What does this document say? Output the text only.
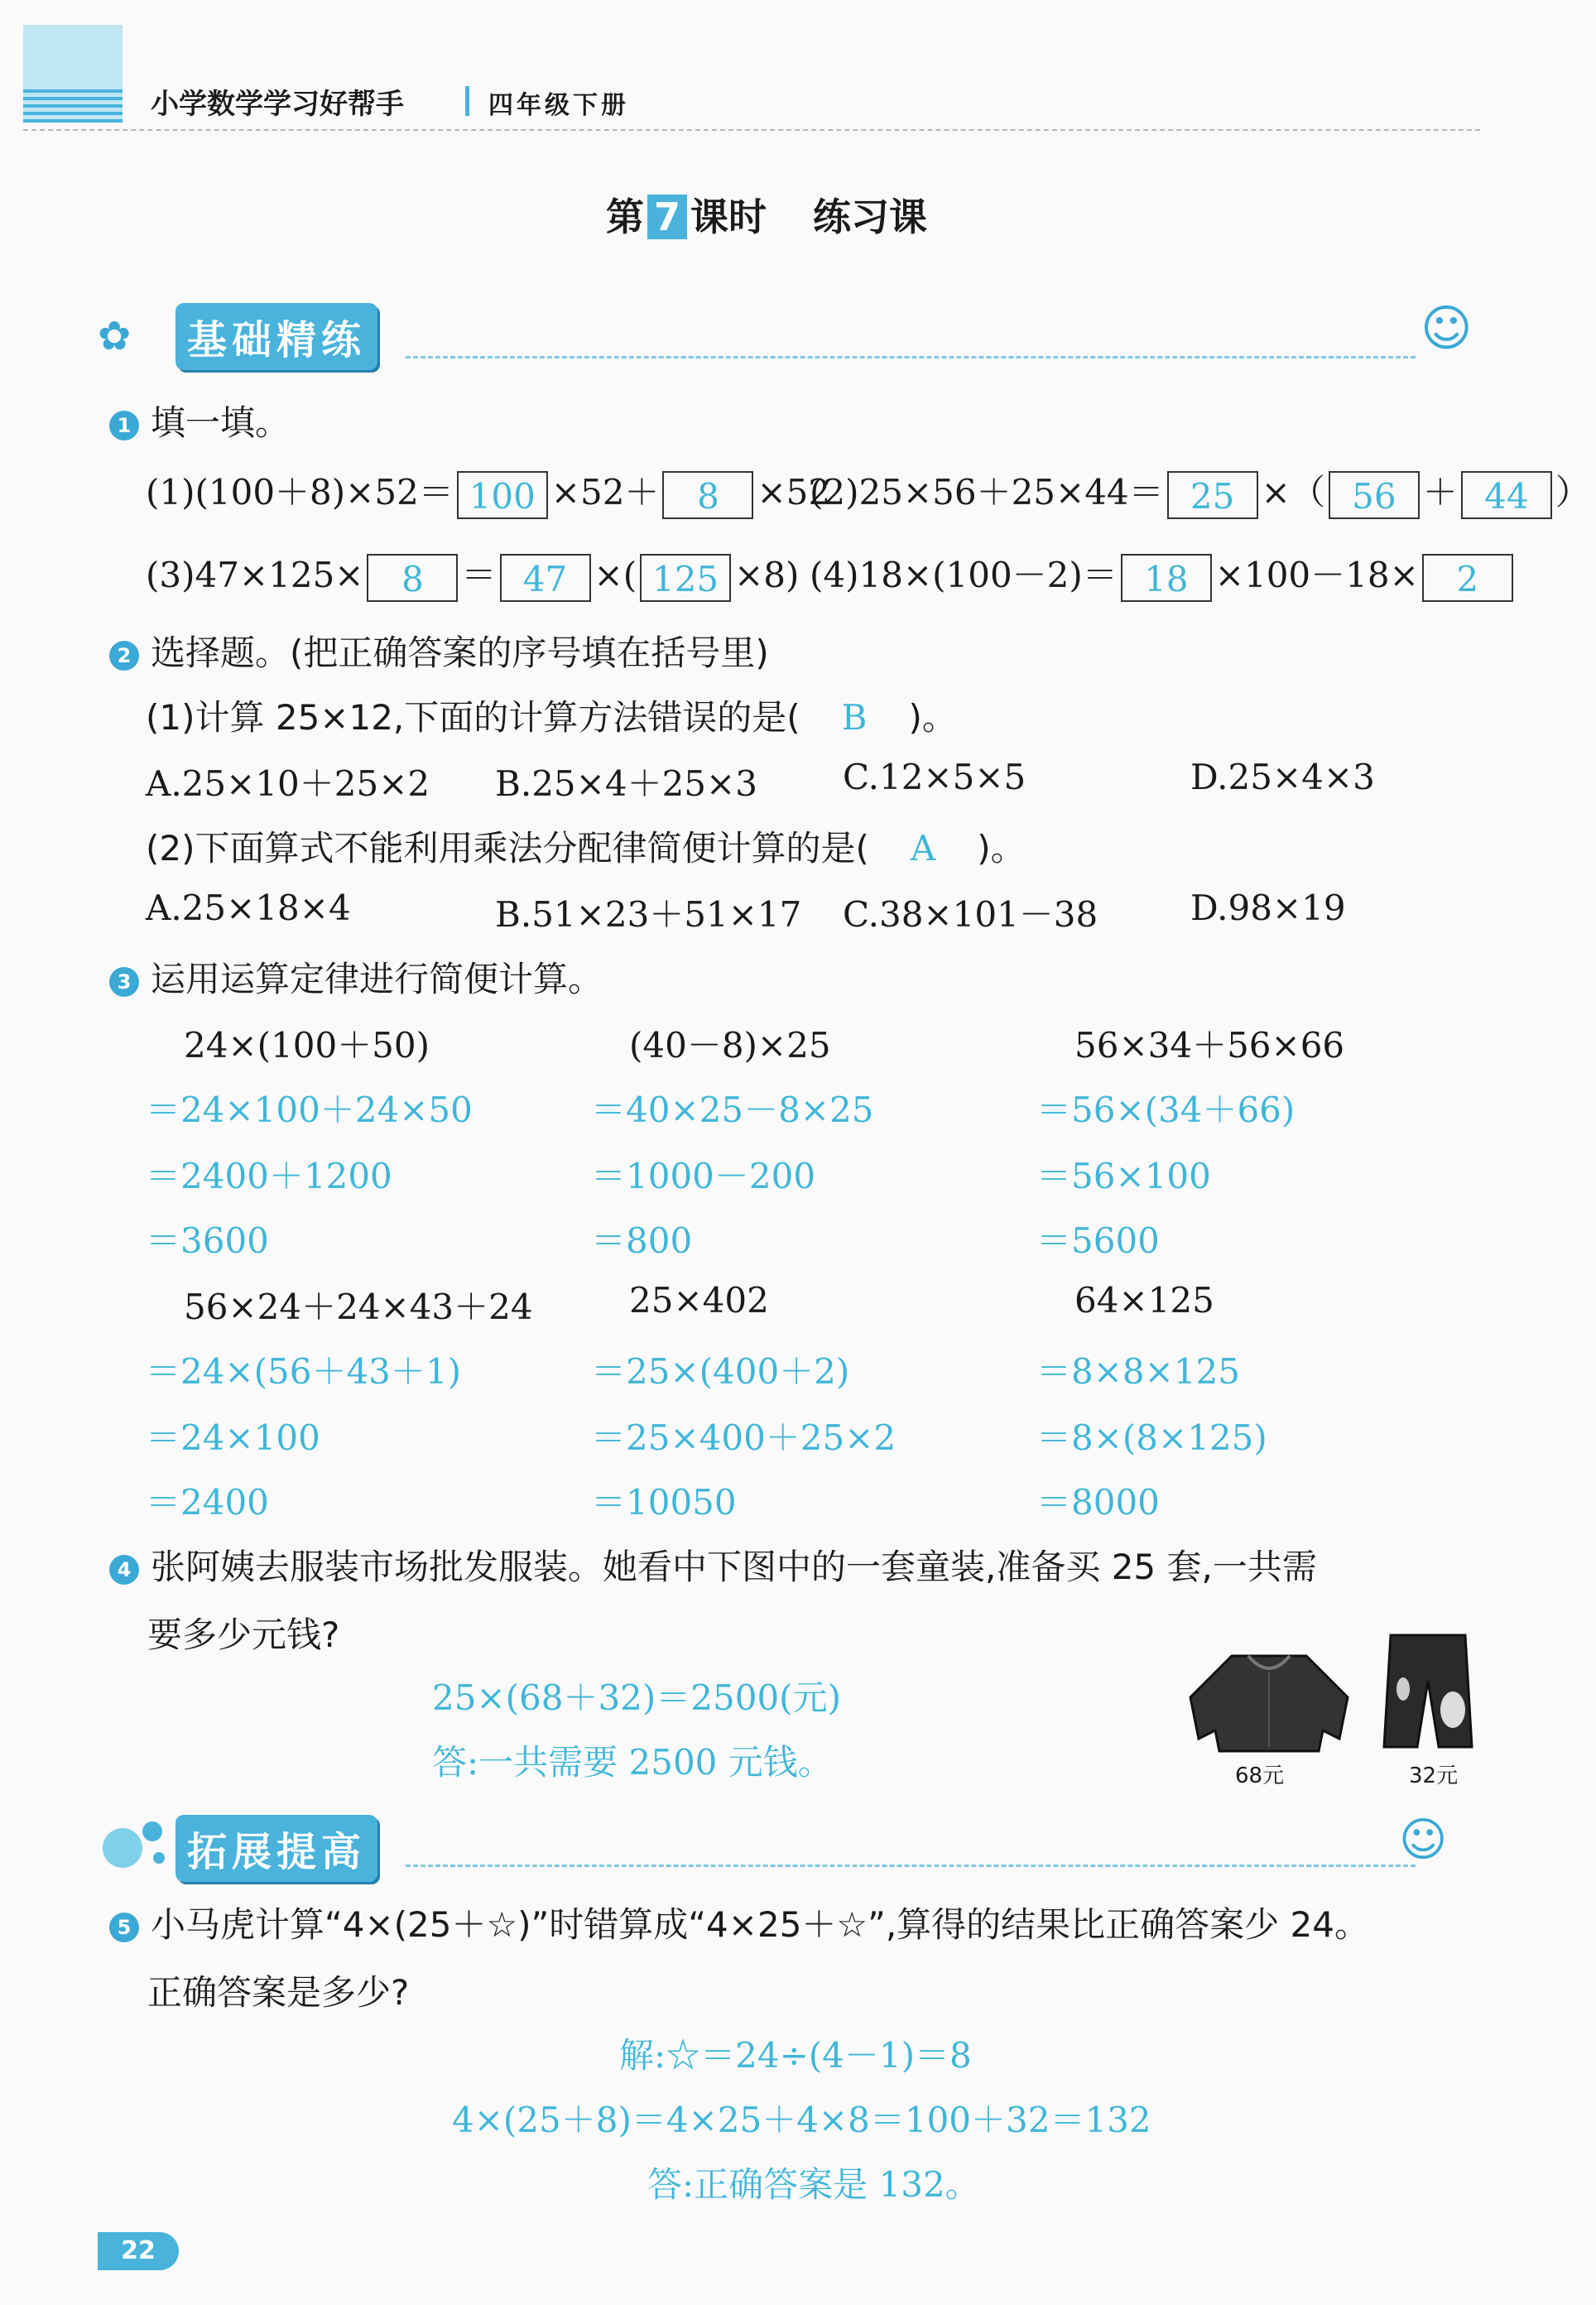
小学数学学习好帮手	四年级下册
第 7 课时 练习课
✿ 基础精练	☺
1 填一填。
(1)(100＋8)×52＝ 100 ×52＋ 8 ×52
(2)25×56＋25×44＝ 25 ×（ 56 ＋ 44 ）
(3)47×125× 8 ＝ 47 ×( 125 ×8) (4)18×(100－2)＝ 18 ×100－18× 2
2 选择题。(把正确答案的序号填在括号里)
(1)计算 25×12,下面的计算方法错误的是( B )。
A.25×10＋25×2 B.25×4＋25×3 C.12×5×5	D.25×4×3
(2)下面算式不能利用乘法分配律简便计算的是( A )。
A.25×18×4	B.51×23＋51×17 C.38×101－38	D.98×19
3 运用运算定律进行简便计算。
24×(100＋50)
＝24×100＋24×50
＝2400＋1200
＝3600
(40－8)×25
＝40×25－8×25
＝1000－200
＝800
56×34＋56×66
＝56×(34＋66)
＝56×100
＝5600
56×24＋24×43＋24
＝24×(56＋43＋1)
＝24×100
＝2400
25×402
＝25×(400＋2)
＝25×400＋25×2
＝10050
64×125
＝8×8×125
＝8×(8×125)
＝8000
4 张阿姨去服装市场批发服装。她看中下图中的一套童装,准备买 25 套,一共需
要多少元钱?
25×(68＋32)＝2500(元)
答:一共需要 2500 元钱。	68元	32元
拓展提高	☺
5 小马虎计算“4×(25＋☆)”时错算成“4×25＋☆”,算得的结果比正确答案少 24。
正确答案是多少?
解:☆＝24÷(4－1)＝8
4×(25＋8)＝4×25＋4×8＝100＋32＝132
答:正确答案是 132。
22
